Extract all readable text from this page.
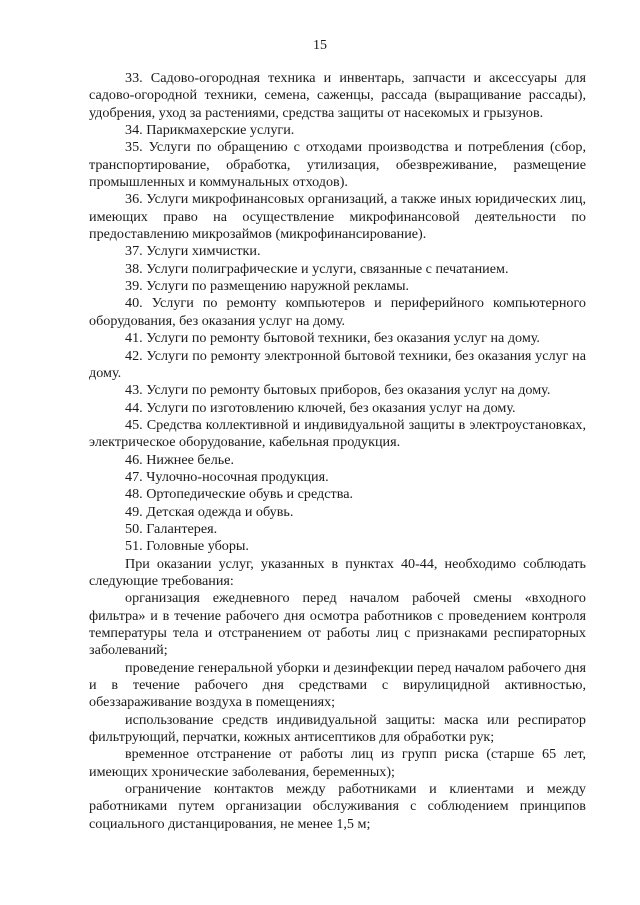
15

33. Садово-огородная техника и инвентарь, запчасти и аксессуары для садово-огородной техники, семена, саженцы, рассада (выращивание рассады), удобрения, уход за растениями, средства защиты от насекомых и грызунов.

34. Парикмахерские услуги.

35. Услуги по обращению с отходами производства и потребления (сбор, транспортирование, обработка, утилизация, обезвреживание, размещение промышленных и коммунальных отходов).

36. Услуги микрофинансовых организаций, а также иных юридических лиц, имеющих право на осуществление микрофинансовой деятельности по предоставлению микрозаймов (микрофинансирование).

37. Услуги химчистки.

38. Услуги полиграфические и услуги, связанные с печатанием.

39. Услуги по размещению наружной рекламы.

40. Услуги по ремонту компьютеров и периферийного компьютерного оборудования, без оказания услуг на дому.

41. Услуги по ремонту бытовой техники, без оказания услуг на дому.

42. Услуги по ремонту электронной бытовой техники, без оказания услуг на дому.

43. Услуги по ремонту бытовых приборов, без оказания услуг на дому.

44. Услуги по изготовлению ключей, без оказания услуг на дому.

45. Средства коллективной и индивидуальной защиты в электроустановках, электрическое оборудование, кабельная продукция.

46. Нижнее белье.

47. Чулочно-носочная продукция.

48. Ортопедические обувь и средства.

49. Детская одежда и обувь.

50. Галантерея.

51. Головные уборы.

При оказании услуг, указанных в пунктах 40-44, необходимо соблюдать следующие требования:

организация ежедневного перед началом рабочей смены «входного фильтра» и в течение рабочего дня осмотра работников с проведением контроля температуры тела и отстранением от работы лиц с признаками респираторных заболеваний;

проведение генеральной уборки и дезинфекции перед началом рабочего дня и в течение рабочего дня средствами с вирулицидной активностью, обеззараживание воздуха в помещениях;

использование средств индивидуальной защиты: маска или респиратор фильтрующий, перчатки, кожных антисептиков для обработки рук;

временное отстранение от работы лиц из групп риска (старше 65 лет, имеющих хронические заболевания, беременных);

ограничение контактов между работниками и клиентами и между работниками путем организации обслуживания с соблюдением принципов социального дистанцирования, не менее 1,5 м;
